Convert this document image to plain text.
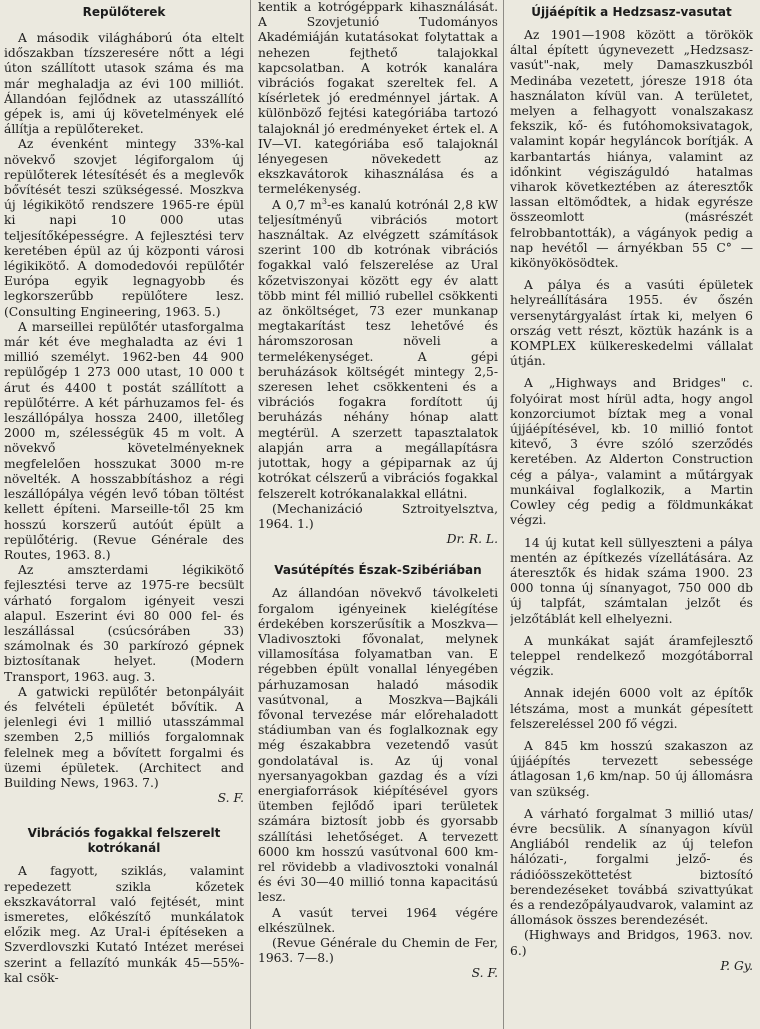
Repülőterek

A második világháború óta eltelt időszakban tízszeresére nőtt a légi úton szállított utasok száma és ma már meghaladja az évi 100 milliót. Állandóan fejlődnek az utasszállító gépek is, ami új követelmények elé állítja a repülőtereket.

Az évenként mintegy 33%-kal növekvő szovjet légiforgalom új repülőterek létesítését és a meglevők bővítését teszi szükségessé. Moszkva új légikikötő rendszere 1965-re épül ki napi 10 000 utas teljesítőképességre. A fejlesztési terv keretében épül az új központi városi légikikötő. A domodedovói repülőtér Európa egyik legnagyobb és legkorszerűbb repülőtere lesz. (Consulting Engineering, 1963. 5.)

A marseillei repülőtér utasforgalma már két éve meghaladta az évi 1 millió személyt. 1962-ben 44 900 repülőgép 1 273 000 utast, 10 000 t árut és 4400 t postát szállított a repülőtérre. A két párhuzamos fel- és leszállópálya hossza 2400, illetőleg 2000 m, szélességük 45 m volt. A növekvő követelményeknek megfelelően hosszukat 3000 m-re növelték. A hosszabbításhoz a régi leszállópálya végén levő tóban töltést kellett építeni. Marseille-től 25 km hosszú korszerű autóút épült a repülőtérig. (Revue Générale des Routes, 1963. 8.)

Az amszterdami légikikötő fejlesztési terve az 1975-re becsült várható forgalom igényeit veszi alapul. Eszerint évi 80 000 fel- és leszállással (csúcsóráben 33) számolnak és 30 parkírozó gépnek biztosítanak helyet. (Modern Transport, 1963. aug. 3.

A gatwicki repülőtér betonpályáit és felvételi épületét bővítik. A jelenlegi évi 1 millió utasszámmal szemben 2,5 milliós forgalomnak felelnek meg a bővített forgalmi és üzemi épületek. (Architect and Building News, 1963. 7.)

S. F.

Vibrációs fogakkal felszerelt kotrókanál

A fagyott, sziklás, valamint repedezett szikla kőzetek ekszkavátorral való fejtését, mint ismeretes, előkészítő munkálatok előzik meg. Az Ural-i építéseken a Szverdlovszki Kutató Intézet merései szerint a fellazító munkák 45—55%-kal csök-

kentik a kotrógéppark kihasználását. A Szovjetunió Tudományos Akadémiáján kutatásokat folytattak a nehezen fejthető talajokkal kapcsolatban. A kotrók kanalára vibrációs fogakat szereltek fel. A kísérletek jó eredménnyel jártak. A különböző fejtési kategóriába tartozó talajoknál jó eredményeket értek el. A IV—VI. kategóriába eső talajoknál lényegesen növekedett az ekszkavátorok kihasználása és a termelékenység.

A 0,7 $m^3-es$ kanalú kotrónál 2,8 kW teljesítményű vibrációs motort használtak. Az elvégzett számítások szerint 100 db kotrónak vibrációs fogakkal való felszerelése az Ural kőzetviszonyai között egy év alatt több mint fél millió rubellel csökkenti az önköltséget, 73 ezer munkanap megtakarítást tesz lehetővé és háromszorosan növeli a termelékenységet. A gépi beruházások költségét mintegy 2,5-szeresen lehet csökkenteni és a vibrációs fogakra fordított új beruházás néhány hónap alatt megtérül. A szerzett tapasztalatok alapján arra a megállapításra jutottak, hogy a gépiparnak az új kotrókat célszerű a vibrációs fogakkal felszerelt kotrókanalakkal ellátni.

(Mechanizáció Sztroityelsztva, 1964. 1.)

Dr. R. L.

Vasútépítés Észak-Szibériában

Az állandóan növekvő távolkeleti forgalom igényeinek kielégítése érdekében korszerűsítik a Moszkva—Vladivosztoki fővonalat, melynek villamosítása folyamatban van. E régebben épült vonallal lényegében párhuzamosan haladó második vasútvonal, a Moszkva—Bajkáli fővonal tervezése már előrehaladott stádiumban van és foglalkoznak egy még északabbra vezetendő vasút gondolatával is. Az új vonal nyersanyagokban gazdag és a vízi energiaforrások kiépítésével gyors ütemben fejlődő ipari területek számára biztosít jobb és gyorsabb szállítási lehetőséget. A tervezett 6000 km hosszú vasútvonal 600 km-rel rövidebb a vladivosztoki vonalnál és évi 30—40 millió tonna kapacitású lesz.

A vasút tervei 1964 végére elkészülnek.

(Revue Générale du Chemin de Fer, 1963. 7—8.)

S. F.

Újjáépítik a Hedzsasz-vasutat

Az 1901—1908 között a törökök által épített úgynevezett „Hedzsasz-vasút"-nak, mely Damaszkuszból Medinába vezetett, jóresze 1918 óta használaton kívül van. A területet, melyen a felhagyott vonalszakasz fekszik, kő- és futóhomoksivatagok, valamint kopár hegyláncok borítják. A karbantartás hiánya, valamint az időnkint végiszáguldó hatalmas viharok következtében az áteresztők lassan eltömődtek, a hidak egyrésze összeomlott (másrészét felrobbantották), a vágányok pedig a nap hevétől — árnyékban 55 C° — kikönyökösödtek.

A pálya és a vasúti épületek helyreállítására 1955. év őszén versenytárgyalást írtak ki, melyen 6 ország vett részt, köztük hazánk is a KOMPLEX külkereskedelmi vállalat útján.

A „Highways and Bridges" c. folyóirat most hírül adta, hogy angol konzorciumot bíztak meg a vonal újjáépítésével, kb. 10 millió fontot kitevő, 3 évre szóló szerződés keretében. Az Alderton Construction cég a pálya-, valamint a műtárgyak munkáival foglalkozik, a Martin Cowley cég pedig a földmunkákat végzi.

14 új kutat kell süllyeszteni a pálya mentén az építkezés vízellátására. Az áteresztők és hidak száma 1900. 23 000 tonna új sínanyagot, 750 000 db új talpfát, számtalan jelzőt és jelzőtáblát kell elhelyezni.

A munkákat saját áramfejlesztő teleppel rendelkező mozgótáborral végzik.

Annak idején 6000 volt az építők létszáma, most a munkát gépesített felszereléssel 200 fő végzi.

A 845 km hosszú szakaszon az újjáépítés tervezett sebessége átlagosan 1,6 km/nap. 50 új állomásra van szükség.

A várható forgalmat 3 millió utas/évre becsülik. A sínanyagon kívül Angliából rendelik az új telefon hálózati-, forgalmi jelző- és rádióösszeköttetést biztosító berendezéseket továbbá szivattyúkat és a rendezőpályaudvarok, valamint az állomások összes berendezését.

(Highways and Bridgos, 1963. nov. 6.)

P. Gy.
